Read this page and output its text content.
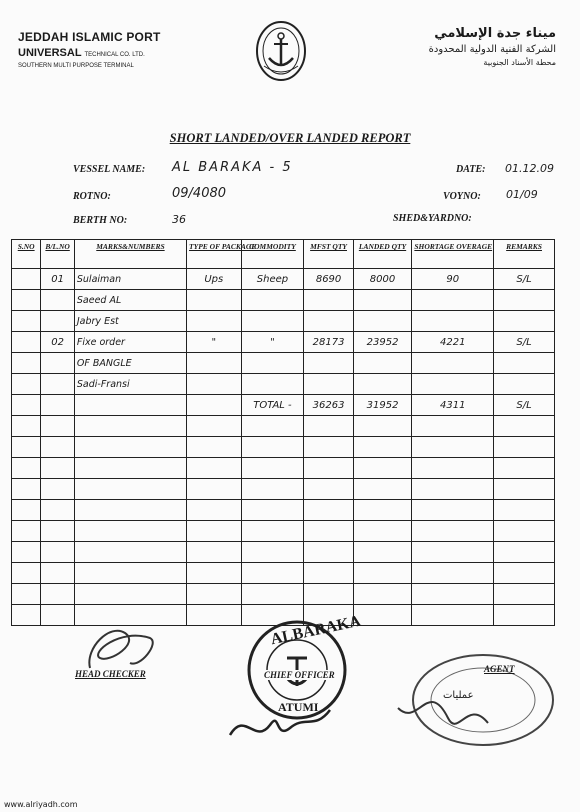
JEDDAH ISLAMIC PORT
UNIVERSAL TECHNICAL CO. LTD.
SOUTHERN MULTI PURPOSE TERMINAL
ميناء جدة الإسلامي
الشركة الفنية الدولية المحدودة
محطة الأسناد الجنوبية
SHORT LANDED/OVER LANDED REPORT
VESSEL NAME: AL BARAKA - 5	DATE: 01.12.09
ROTNO:	09/4080	VOYNO: 01/09
BERTH NO:	36	SHED&YARDNO:
S.NO	B/L.NO	MARKS&NUMBERS	TYPE OF PACKAGE	COMMODITY	MFST QTY	LANDED QTY	SHORTAGE OVERAGE	REMARKS
	01	Sulaiman	Ups	Sheep	8690	8000	90	S/L
		Saeed AL						
		Jabry Est						
	02	Fixe order	"	"	28173	23952	4221	S/L
		OF BANGLE						
		Sadi-Fransi						
				TOTAL -	36263	31952	4311	S/L

HEAD CHECKER
ALBARAKA
ATUMI
CHIEF OFFICER
AGENT
عمليات
www.alriyadh.com
